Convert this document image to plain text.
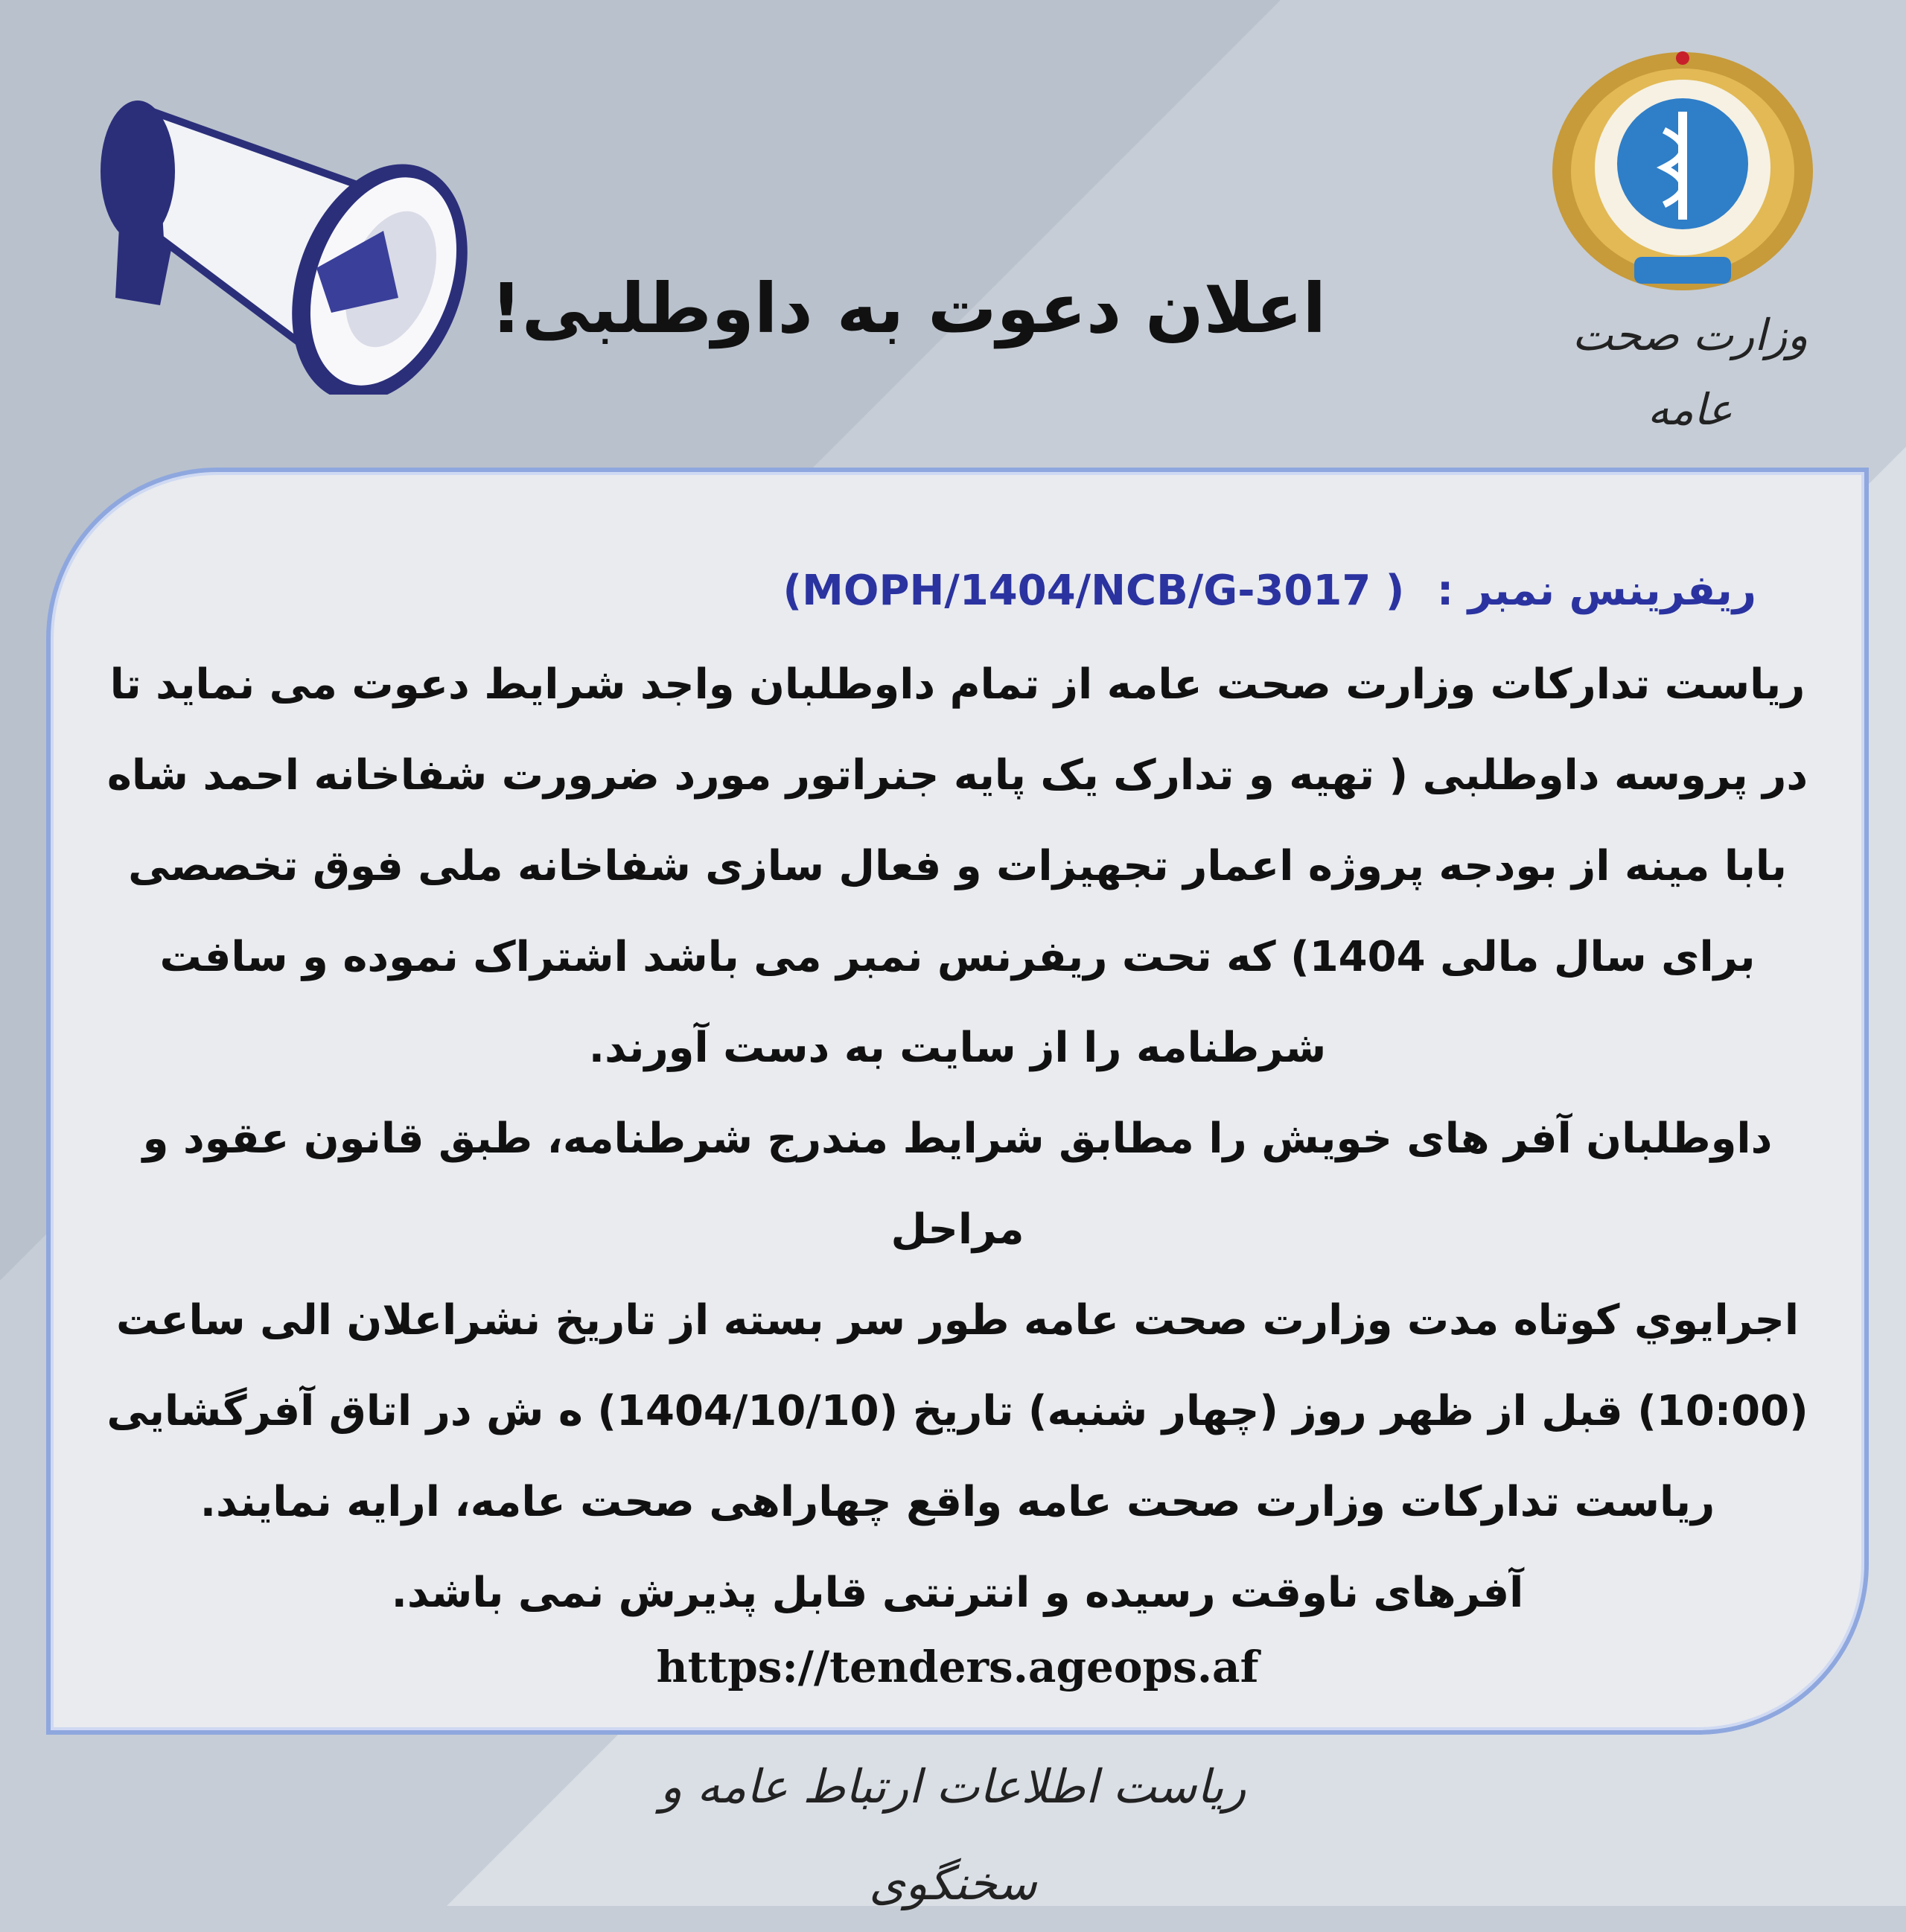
اعلان دعوت به داوطلبی!	وزارت صحت عامه
ریفرینس نمبر : (MOPH/1404/NCB/G-3017 )

ریاست تدارکات وزارت صحت عامه از تمام داوطلبان واجد شرایط دعوت می نماید تا

در پروسه داوطلبی ( تهیه و تدارک یک پایه جنراتور مورد ضرورت شفاخانه احمد شاه

بابا مینه از بودجه پروژه اعمار تجهیزات و فعال سازی شفاخانه ملی فوق تخصصی

برای سال مالی 1404) که تحت ریفرنس نمبر می باشد اشتراک نموده و سافت

شرطنامه را از سایت به دست آورند.

داوطلبان آفر های خویش را مطابق شرایط مندرج شرطنامه، طبق قانون عقود و مراحل

اجرایوي کوتاه مدت وزارت صحت عامه طور سر بسته از تاریخ نشراعلان الی ساعت

(10:00) قبل از ظهر روز (چهار شنبه) تاریخ (1404/10/10) ه ش در اتاق آفرگشایی

ریاست تدارکات وزارت صحت عامه واقع چهاراهی صحت عامه، ارایه نمایند.

آفرهای ناوقت رسیده و انترنتی قابل پذیرش نمی باشد.

https://tenders.ageops.af
ریاست اطلاعات ارتباط عامه و سخنگوی
